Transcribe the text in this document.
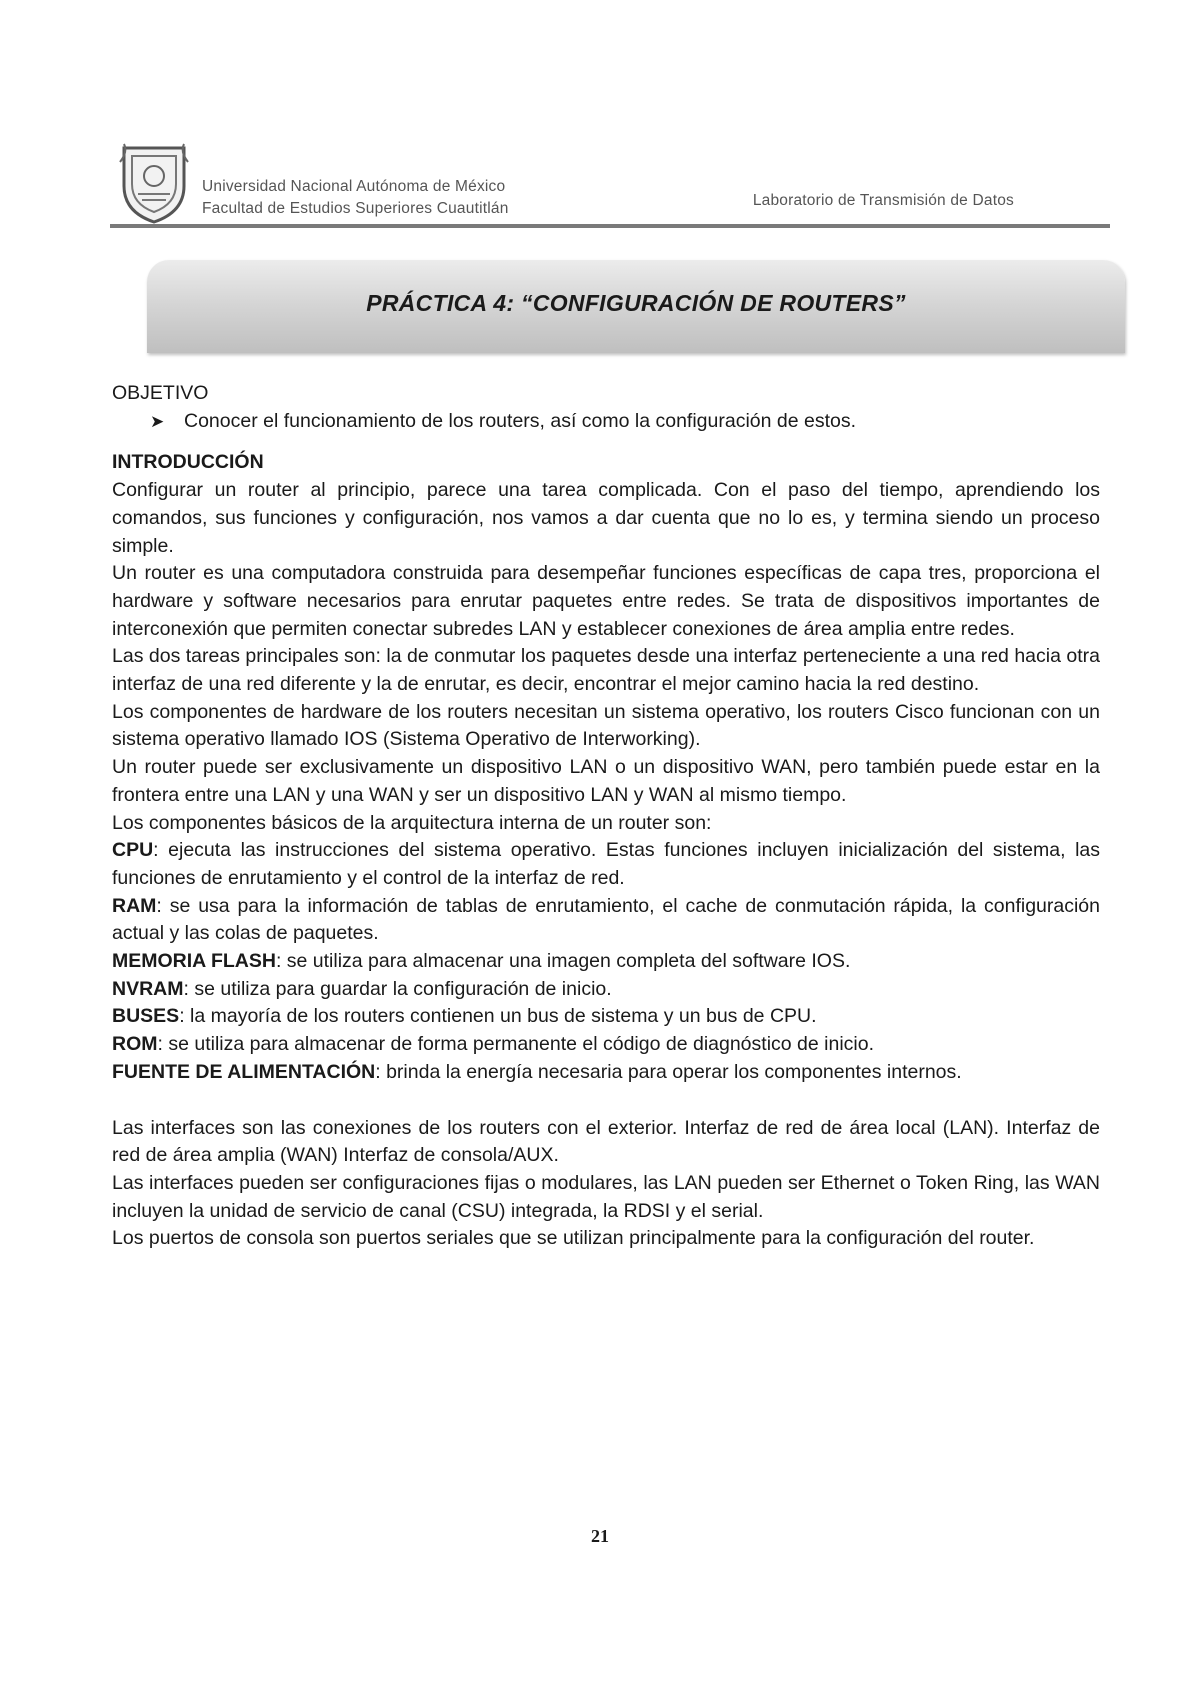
Universidad Nacional Autónoma de México
Facultad de Estudios Superiores Cuautitlán	Laboratorio de Transmisión de Datos
PRÁCTICA 4: “CONFIGURACIÓN DE ROUTERS”

OBJETIVO

➤	Conocer el funcionamiento de los routers, así como la configuración de estos.

INTRODUCCIÓN

Configurar un router al principio, parece una tarea complicada. Con el paso del tiempo, aprendiendo los comandos, sus funciones y configuración, nos vamos a dar cuenta que no lo es, y termina siendo un proceso simple.

Un router es una computadora construida para desempeñar funciones específicas de capa tres, proporciona el hardware y software necesarios para enrutar paquetes entre redes. Se trata de dispositivos importantes de interconexión que permiten conectar subredes LAN y establecer conexiones de área amplia entre redes.

Las dos tareas principales son: la de conmutar los paquetes desde una interfaz perteneciente a una red hacia otra interfaz de una red diferente y la de enrutar, es decir, encontrar el mejor camino hacia la red destino.

Los componentes de hardware de los routers necesitan un sistema operativo, los routers Cisco funcionan con un sistema operativo llamado IOS (Sistema Operativo de Interworking).

Un router puede ser exclusivamente un dispositivo LAN o un dispositivo WAN, pero también puede estar en la frontera entre una LAN y una WAN y ser un dispositivo LAN y WAN al mismo tiempo.

Los componentes básicos de la arquitectura interna de un router son:

CPU: ejecuta las instrucciones del sistema operativo. Estas funciones incluyen inicialización del sistema, las funciones de enrutamiento y el control de la interfaz de red.

RAM: se usa para la información de tablas de enrutamiento, el cache de conmutación rápida, la configuración actual y las colas de paquetes.

MEMORIA FLASH: se utiliza para almacenar una imagen completa del software IOS.

NVRAM: se utiliza para guardar la configuración de inicio.

BUSES: la mayoría de los routers contienen un bus de sistema y un bus de CPU.

ROM: se utiliza para almacenar de forma permanente el código de diagnóstico de inicio.

FUENTE DE ALIMENTACIÓN: brinda la energía necesaria para operar los componentes internos.

Las interfaces son las conexiones de los routers con el exterior. Interfaz de red de área local (LAN). Interfaz de red de área amplia (WAN) Interfaz de consola/AUX.

Las interfaces pueden ser configuraciones fijas o modulares, las LAN pueden ser Ethernet o Token Ring, las WAN incluyen la unidad de servicio de canal (CSU) integrada, la RDSI y el serial.

Los puertos de consola son puertos seriales que se utilizan principalmente para la configuración del router.

21
